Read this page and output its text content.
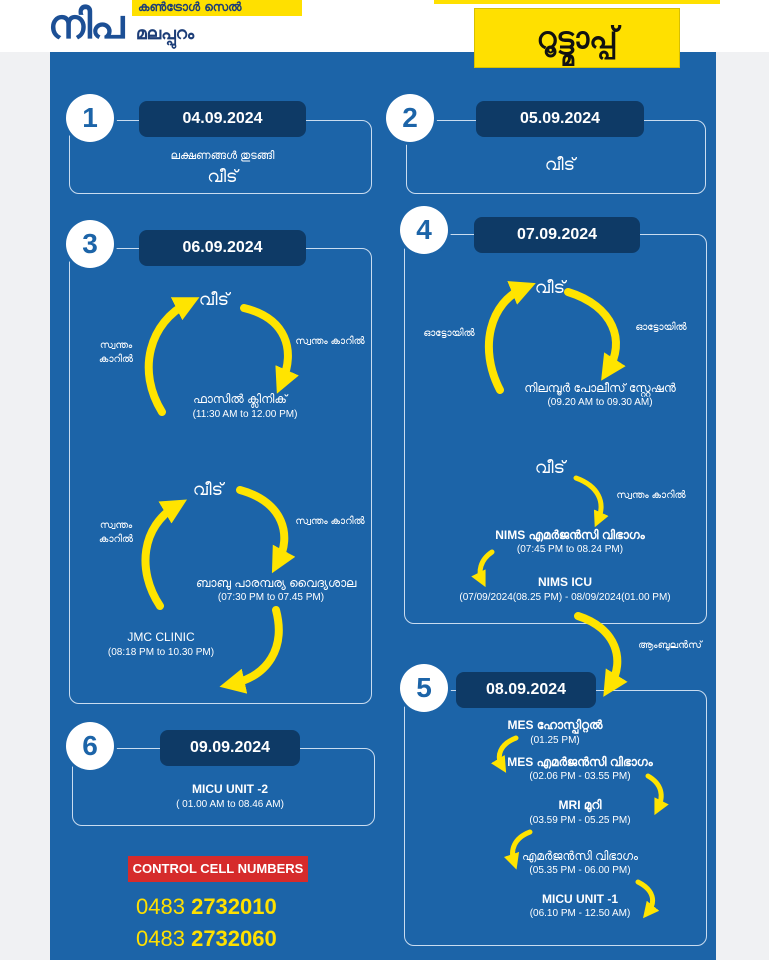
നിപ	കൺട്രോൾ സെൽ
മലപ്പുറം	റൂട്ട്മാപ്പ്
1	04.09.2024
ലക്ഷണങ്ങൾ തുടങ്ങി
വീട്
2	05.09.2024
വീട്
3	06.09.2024
വീട്
സ്വന്തം കാറിൽ
സ്വന്തം
കാറിൽ
ഫാസിൽ ക്ലിനിക്
(11:30 AM to 12.00 PM)
വീട്
സ്വന്തം കാറിൽ
സ്വന്തം
കാറിൽ
ബാബു പാരമ്പര്യ വൈദ്യശാല
(07:30 PM to 07.45 PM)
JMC CLINIC
(08:18 PM to 10.30 PM)
4	07.09.2024
വീട്
ഓട്ടോയിൽ
ഓട്ടോയിൽ
നിലമ്പൂർ പോലീസ് സ്റ്റേഷൻ
(09.20 AM to 09.30 AM)
വീട്
സ്വന്തം കാറിൽ
NIMS എമർജൻസി വിഭാഗം
(07:45 PM to 08.24 PM)
NIMS ICU
(07/09/2024(08.25 PM) - 08/09/2024(01.00 PM)
ആംബുലൻസ്
5	08.09.2024
MES ഹോസ്പിറ്റൽ
(01.25 PM)
MES എമർജൻസി വിഭാഗം
(02.06 PM - 03.55 PM)
MRI മുറി
(03.59 PM - 05.25 PM)
എമർജൻസി വിഭാഗം
(05.35 PM - 06.00 PM)
MICU UNIT -1
(06.10 PM - 12.50 AM)
6	09.09.2024
MICU UNIT -2
( 01.00 AM to 08.46 AM)
CONTROL CELL NUMBERS
0483 2732010
0483 2732060
